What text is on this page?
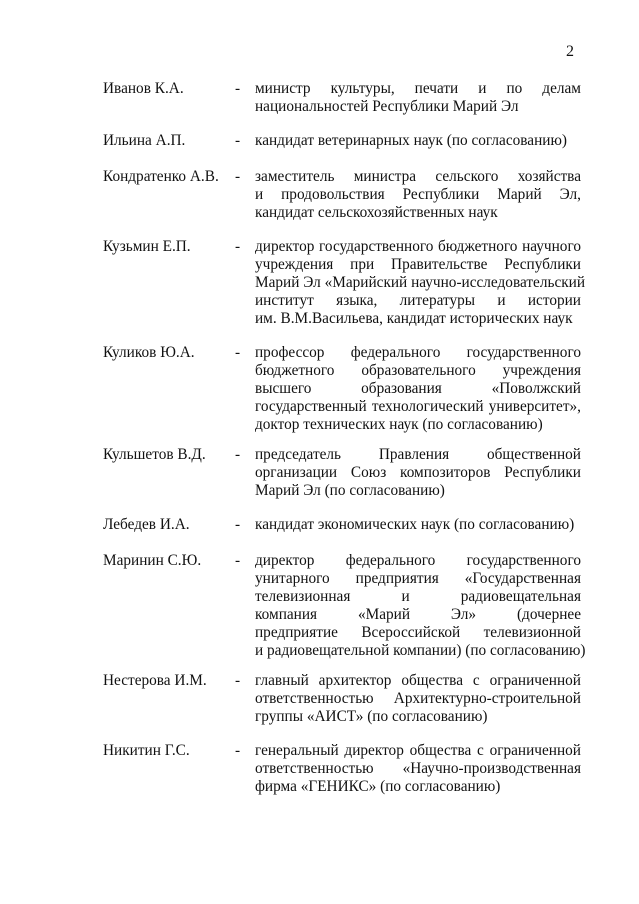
2
Иванов К.А.	- министр культуры, печати и по делам
национальностей Республики Марий Эл
Ильина А.П.	- кандидат ветеринарных наук (по согласованию)
Кондратенко А.В. - заместитель министра сельского хозяйства
и продовольствия Республики Марий Эл,
кандидат сельскохозяйственных наук
Кузьмин Е.П.	- директор государственного бюджетного научного
учреждения при Правительстве Республики
Марий Эл «Марийский научно-исследовательский
институт языка, литературы и истории
им. В.М.Васильева, кандидат исторических наук
Куликов Ю.А.	- профессор федерального государственного
бюджетного образовательного учреждения
высшего образования «Поволжский
государственный технологический университет»,
доктор технических наук (по согласованию)
Кульшетов В.Д. - председатель Правления общественной
организации Союз композиторов Республики
Марий Эл (по согласованию)
Лебедев И.А.	- кандидат экономических наук (по согласованию)
Маринин С.Ю. - директор федерального государственного
унитарного предприятия «Государственная
телевизионная и радиовещательная
компания «Марий Эл» (дочернее
предприятие Всероссийской телевизионной
и радиовещательной компании) (по согласованию)
Нестерова И.М. - главный архитектор общества с ограниченной
ответственностью Архитектурно-строительной
группы «АИСТ» (по согласованию)
Никитин Г.С.	- генеральный директор общества с ограниченной
ответственностью «Научно-производственная
фирма «ГЕНИКС» (по согласованию)
